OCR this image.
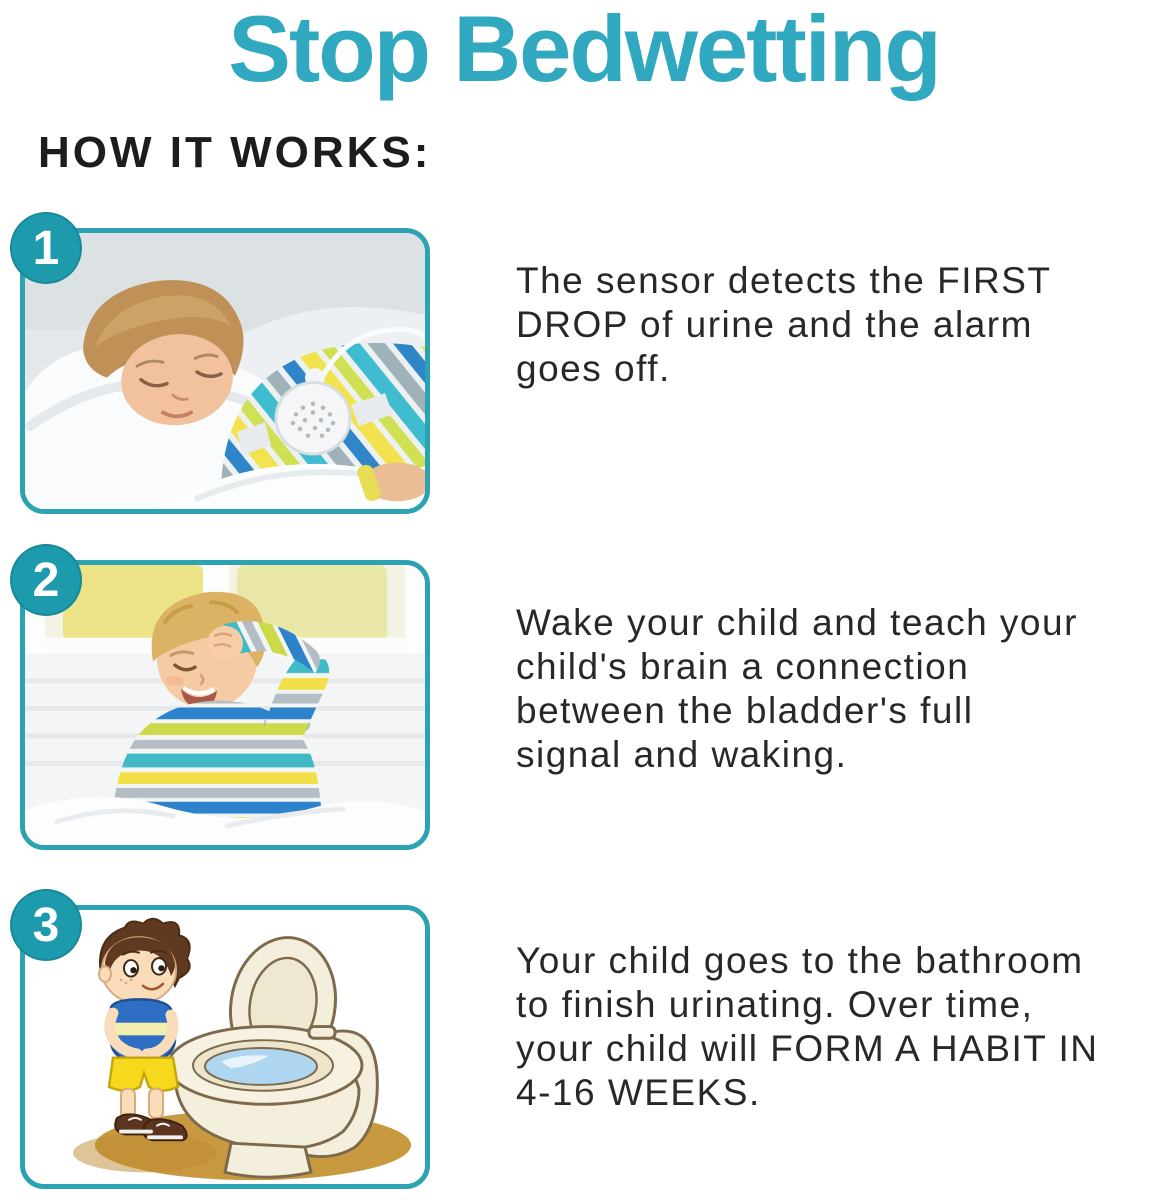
Stop Bedwetting
HOW IT WORKS:
1
The sensor detects the FIRST
DROP of urine and the alarm
goes off.
2
Wake your child and teach your
child's brain a connection
between the bladder's full
signal and waking.
3
Your child goes to the bathroom
to finish urinating. Over time,
your child will FORM A HABIT IN
4-16 WEEKS.
